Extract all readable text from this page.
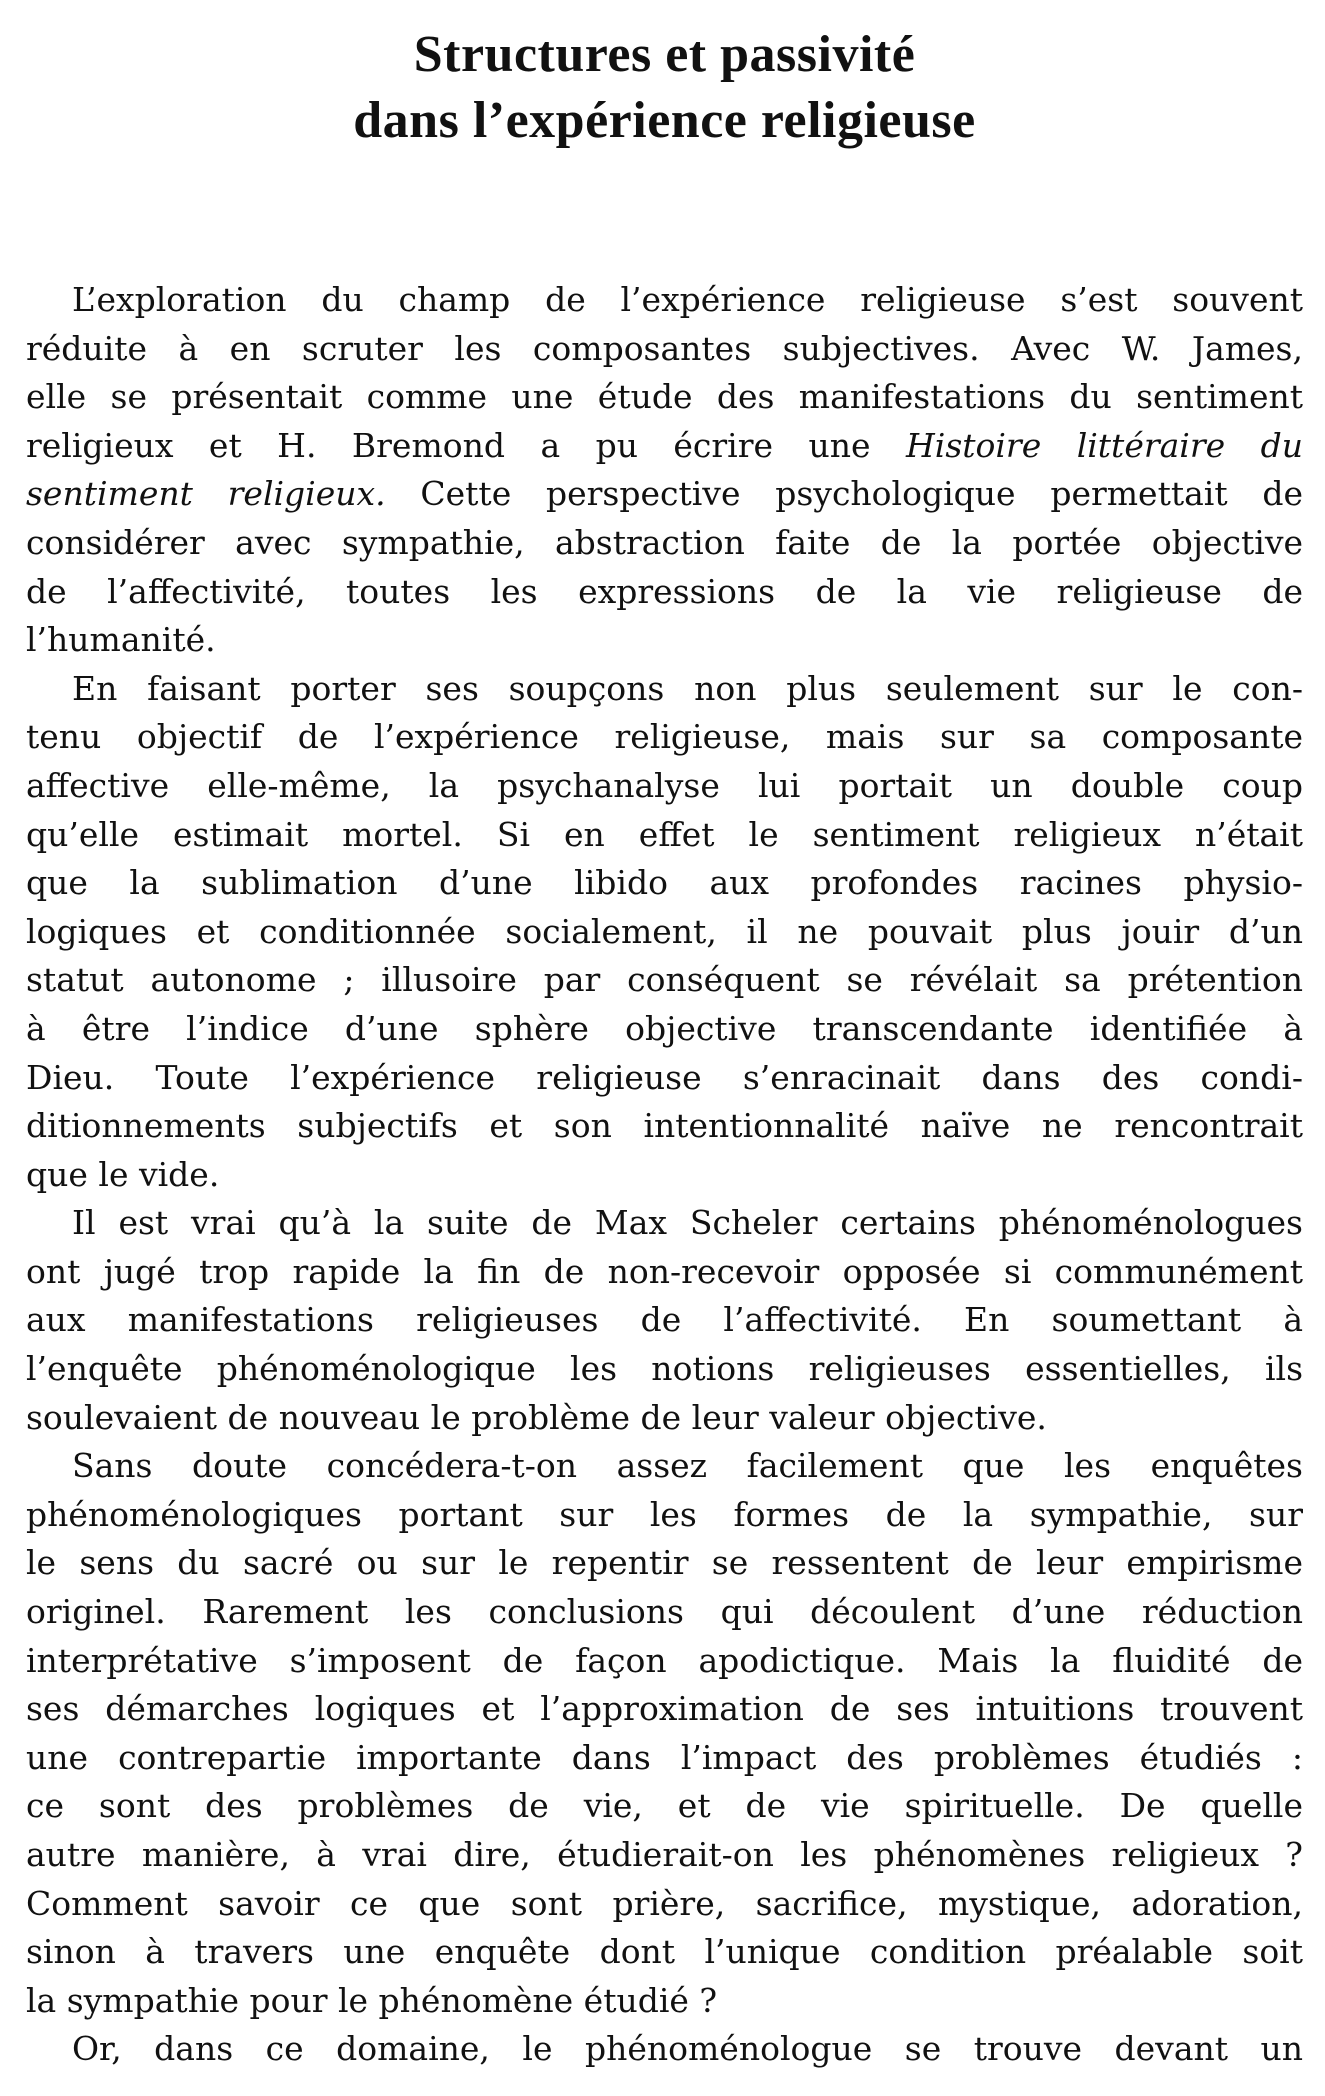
Structures et passivité
dans l’expérience religieuse

L’exploration du champ de l’expérience religieuse s’est souvent
réduite à en scruter les composantes subjectives. Avec W. James,
elle se présentait comme une étude des manifestations du sentiment
religieux et H. Bremond a pu écrire une Histoire littéraire du
sentiment religieux. Cette perspective psychologique permettait de
considérer avec sympathie, abstraction faite de la portée objective
de l’affectivité, toutes les expressions de la vie religieuse de
l’humanité.

En faisant porter ses soupçons non plus seulement sur le con-
tenu objectif de l’expérience religieuse, mais sur sa composante
affective elle-même, la psychanalyse lui portait un double coup
qu’elle estimait mortel. Si en effet le sentiment religieux n’était
que la sublimation d’une libido aux profondes racines physio-
logiques et conditionnée socialement, il ne pouvait plus jouir d’un
statut autonome ; illusoire par conséquent se révélait sa prétention
à être l’indice d’une sphère objective transcendante identifiée à
Dieu. Toute l’expérience religieuse s’enracinait dans des condi-
ditionnements subjectifs et son intentionnalité naïve ne rencontrait
que le vide.

Il est vrai qu’à la suite de Max Scheler certains phénoménologues
ont jugé trop rapide la fin de non-recevoir opposée si communément
aux manifestations religieuses de l’affectivité. En soumettant à
l’enquête phénoménologique les notions religieuses essentielles, ils
soulevaient de nouveau le problème de leur valeur objective.

Sans doute concédera-t-on assez facilement que les enquêtes
phénoménologiques portant sur les formes de la sympathie, sur
le sens du sacré ou sur le repentir se ressentent de leur empirisme
originel. Rarement les conclusions qui découlent d’une réduction
interprétative s’imposent de façon apodictique. Mais la fluidité de
ses démarches logiques et l’approximation de ses intuitions trouvent
une contrepartie importante dans l’impact des problèmes étudiés :
ce sont des problèmes de vie, et de vie spirituelle. De quelle
autre manière, à vrai dire, étudierait-on les phénomènes religieux ?
Comment savoir ce que sont prière, sacrifice, mystique, adoration,
sinon à travers une enquête dont l’unique condition préalable soit
la sympathie pour le phénomène étudié ?

Or, dans ce domaine, le phénoménologue se trouve devant un
